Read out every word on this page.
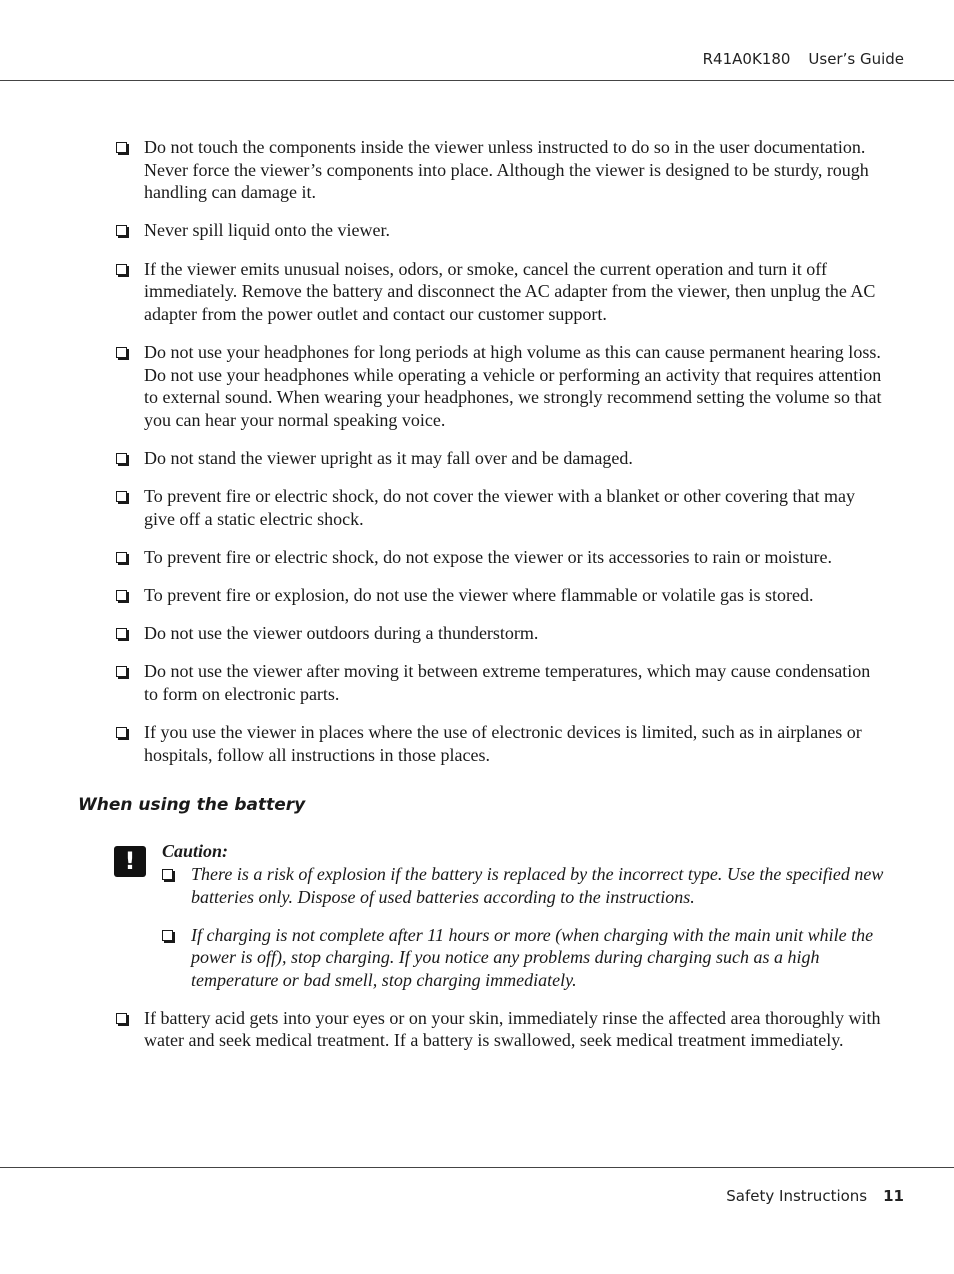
R41A0K180 User’s Guide

Do not touch the components inside the viewer unless instructed to do so in the user documentation. Never force the viewer’s components into place. Although the viewer is designed to be sturdy, rough handling can damage it.

Never spill liquid onto the viewer.

If the viewer emits unusual noises, odors, or smoke, cancel the current operation and turn it off immediately. Remove the battery and disconnect the AC adapter from the viewer, then unplug the AC adapter from the power outlet and contact our customer support.

Do not use your headphones for long periods at high volume as this can cause permanent hearing loss.

Do not use your headphones while operating a vehicle or performing an activity that requires attention to external sound. When wearing your headphones, we strongly recommend setting the volume so that you can hear your normal speaking voice.

Do not stand the viewer upright as it may fall over and be damaged.

To prevent fire or electric shock, do not cover the viewer with a blanket or other covering that may give off a static electric shock.

To prevent fire or electric shock, do not expose the viewer or its accessories to rain or moisture.

To prevent fire or explosion, do not use the viewer where flammable or volatile gas is stored.

Do not use the viewer outdoors during a thunderstorm.

Do not use the viewer after moving it between extreme temperatures, which may cause condensation to form on electronic parts.

If you use the viewer in places where the use of electronic devices is limited, such as in airplanes or hospitals, follow all instructions in those places.

When using the battery
!	Caution:

There is a risk of explosion if the battery is replaced by the incorrect type. Use the specified new batteries only. Dispose of used batteries according to the instructions.

If charging is not complete after 11 hours or more (when charging with the main unit while the power is off), stop charging. If you notice any problems during charging such as a high temperature or bad smell, stop charging immediately.

If battery acid gets into your eyes or on your skin, immediately rinse the affected area thoroughly with water and seek medical treatment. If a battery is swallowed, seek medical treatment immediately.

Safety Instructions 11
